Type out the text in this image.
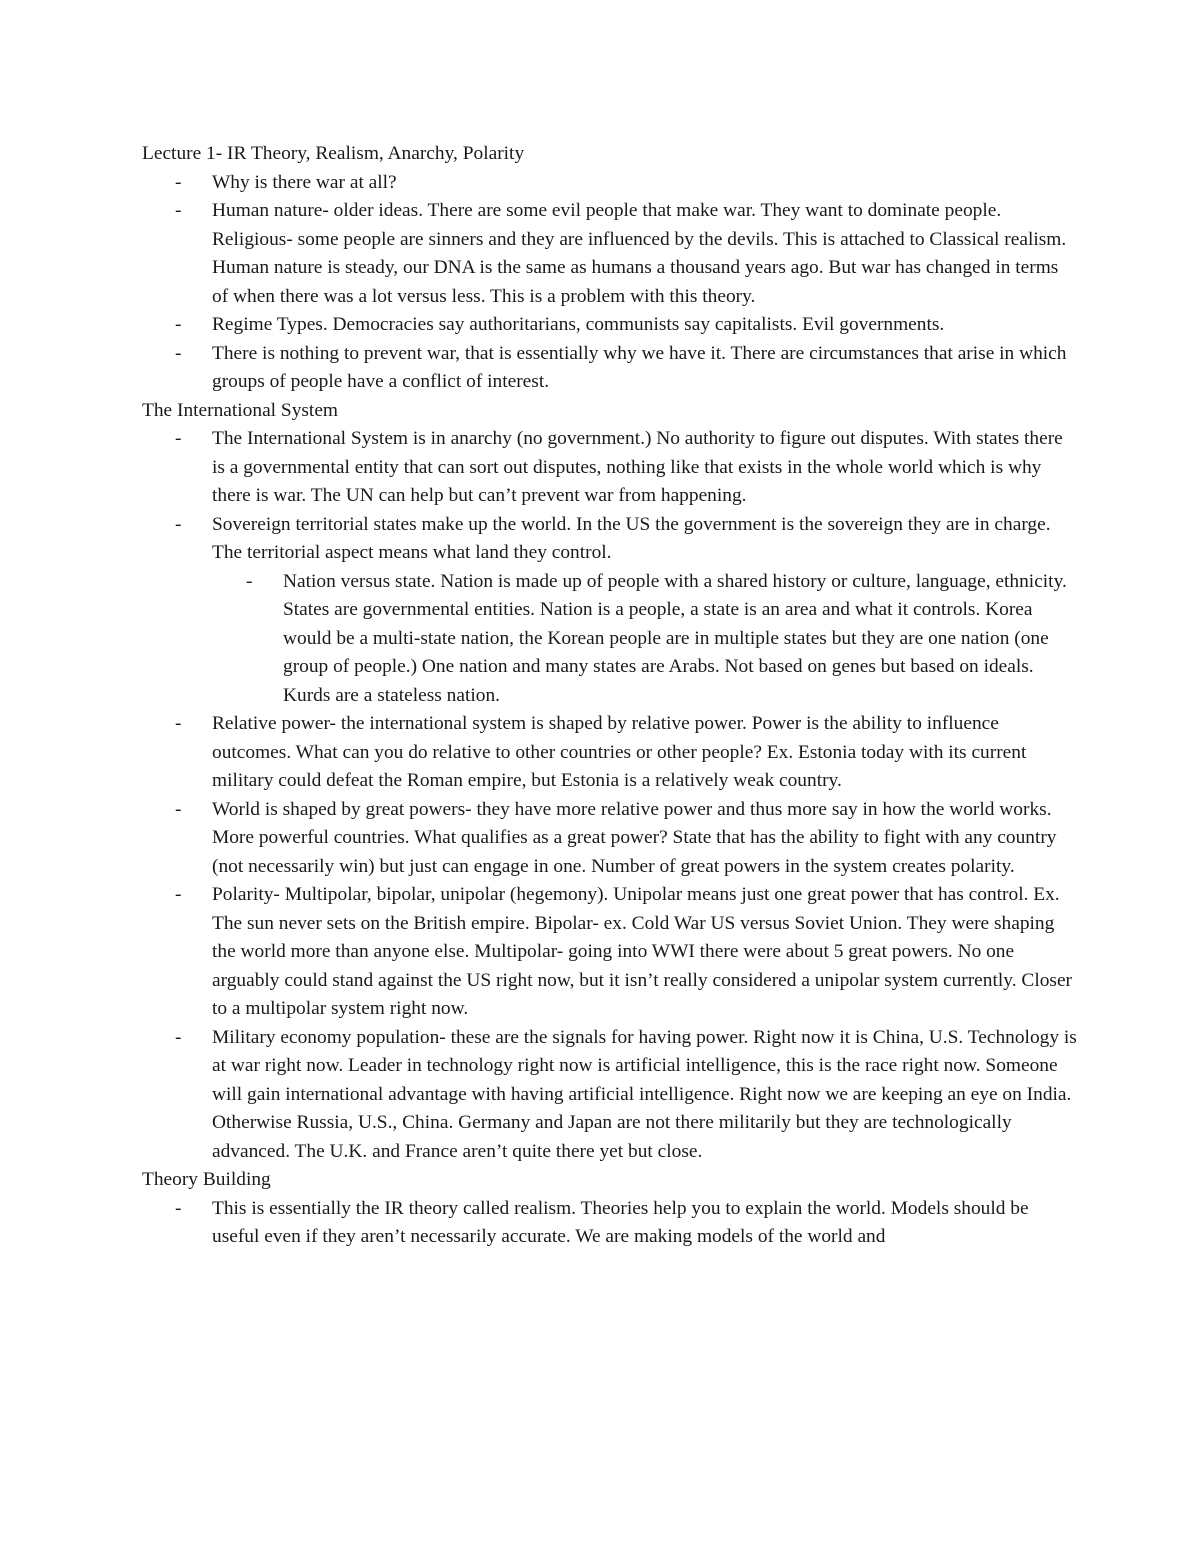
Lecture 1- IR Theory, Realism, Anarchy, Polarity

- Why is there war at all?

- Human nature- older ideas. There are some evil people that make war. They want to dominate people. Religious- some people are sinners and they are influenced by the devils. This is attached to Classical realism. Human nature is steady, our DNA is the same as humans a thousand years ago. But war has changed in terms of when there was a lot versus less. This is a problem with this theory.

- Regime Types. Democracies say authoritarians, communists say capitalists. Evil governments.

- There is nothing to prevent war, that is essentially why we have it. There are circumstances that arise in which groups of people have a conflict of interest.

The International System

- The International System is in anarchy (no government.) No authority to figure out disputes. With states there is a governmental entity that can sort out disputes, nothing like that exists in the whole world which is why there is war. The UN can help but can’t prevent war from happening.

- Sovereign territorial states make up the world. In the US the government is the sovereign they are in charge. The territorial aspect means what land they control.

- Nation versus state. Nation is made up of people with a shared history or culture, language, ethnicity. States are governmental entities. Nation is a people, a state is an area and what it controls. Korea would be a multi-state nation, the Korean people are in multiple states but they are one nation (one group of people.) One nation and many states are Arabs. Not based on genes but based on ideals. Kurds are a stateless nation.

- Relative power- the international system is shaped by relative power. Power is the ability to influence outcomes. What can you do relative to other countries or other people? Ex. Estonia today with its current military could defeat the Roman empire, but Estonia is a relatively weak country.

- World is shaped by great powers- they have more relative power and thus more say in how the world works. More powerful countries. What qualifies as a great power? State that has the ability to fight with any country (not necessarily win) but just can engage in one. Number of great powers in the system creates polarity.

- Polarity- Multipolar, bipolar, unipolar (hegemony). Unipolar means just one great power that has control. Ex. The sun never sets on the British empire. Bipolar- ex. Cold War US versus Soviet Union. They were shaping the world more than anyone else. Multipolar- going into WWI there were about 5 great powers. No one arguably could stand against the US right now, but it isn’t really considered a unipolar system currently. Closer to a multipolar system right now.

- Military economy population- these are the signals for having power. Right now it is China, U.S. Technology is at war right now. Leader in technology right now is artificial intelligence, this is the race right now. Someone will gain international advantage with having artificial intelligence. Right now we are keeping an eye on India. Otherwise Russia, U.S., China. Germany and Japan are not there militarily but they are technologically advanced. The U.K. and France aren’t quite there yet but close.

Theory Building

- This is essentially the IR theory called realism. Theories help you to explain the world. Models should be useful even if they aren’t necessarily accurate. We are making models of the world and
